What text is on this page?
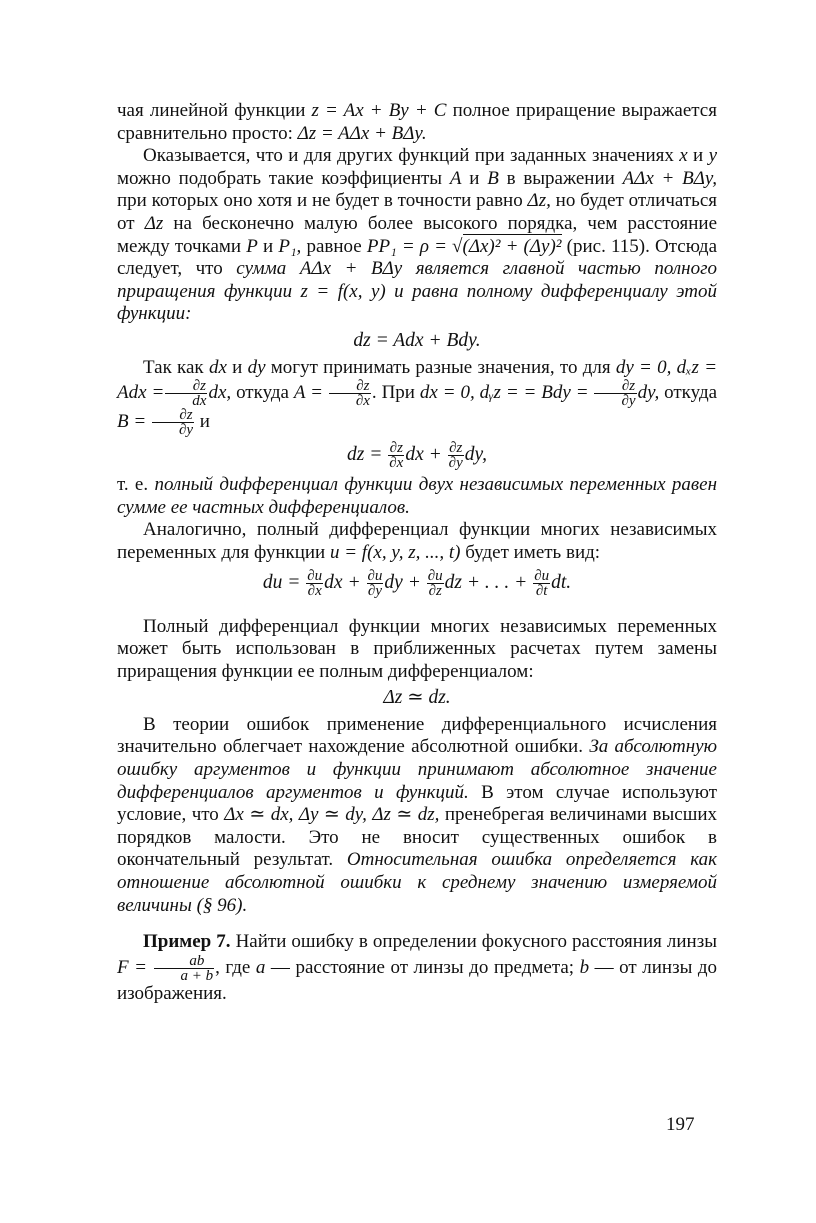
чая линейной функции z = Ax + By + C полное приращение выражается сравнительно просто: Δz = AΔx + BΔy.

Оказывается, что и для других функций при заданных значениях x и y можно подобрать такие коэффициенты A и B в выражении AΔx + BΔy, при которых оно хотя и не будет в точности равно Δz, но будет отличаться от Δz на бесконечно малую более высокого порядка, чем расстояние между точками P и P₁, равное PP₁ = ρ = √(Δx)² + (Δy)² (рис. 115). Отсюда следует, что сумма AΔx + BΔy является главной частью полного приращения функции z = f(x, y) и равна полному дифференциалу этой функции:

dz = Adx + Bdy.

Так как dx и dy могут принимать разные значения, то для dy = 0, dₓz = Adx = $\frac{\partial z}{dx}$ dx, откуда $A = \frac{\partial z}{\partial x}$ . При dx = 0, dᵧz = = Bdy = $\frac{\partial z}{\partial y}$ dy, откуда $B = \frac{\partial z}{\partial y}$ и

dz = $\frac{\partial z}{\partial x}$ dx + $\frac{\partial z}{\partial y}$ dy,

т. е. полный дифференциал функции двух независимых переменных равен сумме ее частных дифференциалов.

Аналогично, полный дифференциал функции многих независимых переменных для функции u = f(x, y, z, ..., t) будет иметь вид:

du = $\frac{\partial u}{\partial x}$ dx + $\frac{\partial u}{\partial y}$ dy + $\frac{\partial u}{\partial z}$ dz + . . . + $\frac{\partial u}{\partial t}$ dt.

Полный дифференциал функции многих независимых переменных может быть использован в приближенных расчетах путем замены приращения функции ее полным дифференциалом:

Δz ≃ dz.

В теории ошибок применение дифференциального исчисления значительно облегчает нахождение абсолютной ошибки. За абсолютную ошибку аргументов и функции принимают абсолютное значение дифференциалов аргументов и функций. В этом случае используют условие, что Δx ≃ dx, Δy ≃ dy, Δz ≃ dz, пренебрегая величинами высших порядков малости. Это не вносит существенных ошибок в окончательный результат. Относительная ошибка определяется как отношение абсолютной ошибки к среднему значению измеряемой величины (§ 96).

Пример 7. Найти ошибку в определении фокусного расстояния линзы $F = \frac{ab}{a + b}$ , где a — расстояние от линзы до предмета; b — от линзы до изображения.

197
